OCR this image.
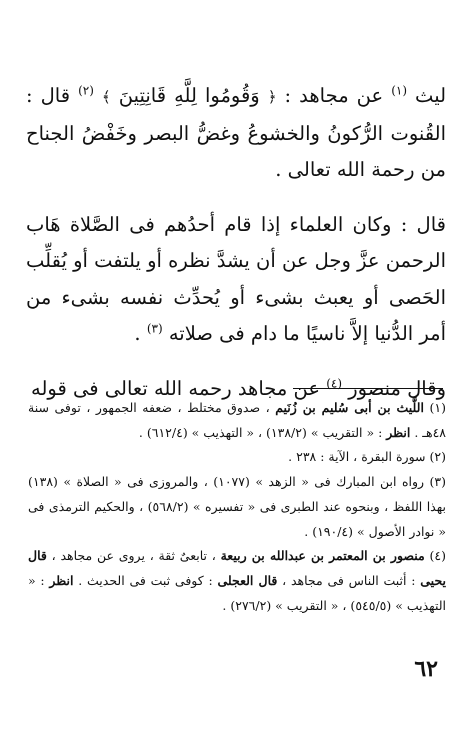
ليث $^{(١)}$ عن مجاهد : ﴿ وَقُومُوا لِلَّهِ قَانِتِينَ ﴾ $^{(٢)}$ قال : القُنوت الرُّكونُ والخشوعُ وغضُّ البصر وخَفْضُ الجناح من رحمة الله تعالى .

قال : وكان العلماء إذا قام أحدُهم فى الصَّلاة هَاب الرحمن عزَّ وجل عن أن يشدَّ نظره أو يلتفت أو يُقلِّب الحَصى أو يعبث بشىء أو يُحدِّث نفسه بشىء من أمر الدُّنيا إلاَّ ناسيًا ما دام فى صلاته $^{(٣)}$ .

وقال منصور $^{(٤)}$ عن مجاهد رحمه الله تعالى فى قوله

(١) اللَّيث بن أبى سُليم بن زُنَيم ، صدوق مختلط ، ضعفه الجمهور ، توفى سنة ٤٨هـ . انظر : « التقريب » (١٣٨/٢) ، « التهذيب » (٦١٢/٤) .

(٢) سورة البقرة ، الآية : ٢٣٨ .

(٣) رواه ابن المبارك فى « الزهد » (١٠٧٧) ، والمروزى فى « الصلاة » (١٣٨) بهذا اللفظ ، وبنحوه عند الطبرى فى « تفسيره » (٥٦٨/٢) ، والحكيم الترمذى فى « نوادر الأصول » (١٩٠/٤) .

(٤) منصور بن المعتمر بن عبدالله بن ربيعة ، تابعىٌ ثقة ، يروى عن مجاهد ، قال يحيى : أثبت الناس فى مجاهد ، قال العجلى : كوفى ثبت فى الحديث . انظر : « التهذيب » (٥٤٥/٥) ، « التقريب » (٢٧٦/٢) .

٦٢
